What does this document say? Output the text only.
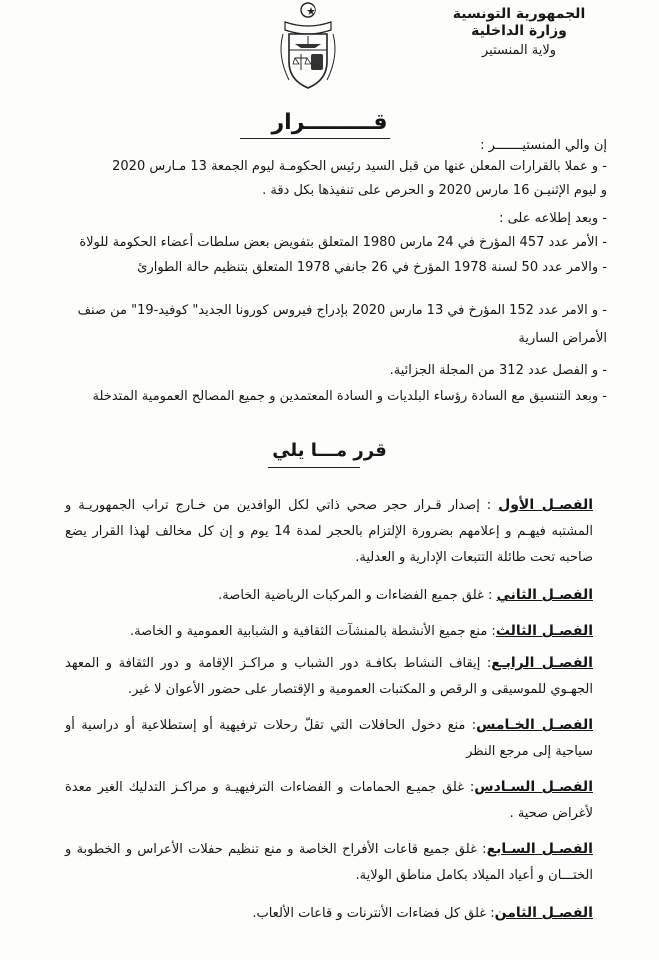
الجمهورية التونسية
وزارة الداخلية
ولاية المنستير
قـــــــــرار

إن والي المنستيـــــــر :

- و عملا بالقرارات المعلن عنها من قبل السيد رئيس الحكومـة ليوم الجمعة 13 مـارس 2020

و ليوم الإثنيـن 16 مارس 2020 و الحرص على تنفيذها بكل دقة .

- وبعد إطلاعه على :

- الأمر عدد 457 المؤرخ في 24 مارس 1980 المتعلق بتفويض بعض سلطات أعضاء الحكومة للولاة

- والامر عدد 50 لسنة 1978 المؤرخ في 26 جانفي 1978 المتعلق بتنظيم حالة الطوارئ

- و الامر عدد 152 المؤرخ في 13 مارس 2020 بإدراج فيروس كورونا الجديد" كوفيد-19" من صنف الأمراض السارية

- و الفصل عدد 312 من المجلة الجزائية.

- وبعد التنسيق مع السادة رؤساء البلديات و السادة المعتمدين و جميع المصالح العمومية المتدخلة

قرر مـــا يلي
الفصـل الأول : إصدار قـرار حجر صحي ذاتي لكل الوافدين من خـارج تراب الجمهوريـة و المشتبه فيهـم و إعلامهم بضرورة الإلتزام بالحجر لمدة 14 يوم و إن كل مخالف لهذا القرار يضع صاحبه تحت طائلة التتبعات الإدارية و العدلية.
الفصـل الثاني : غلق جميع الفضاءات و المركبات الرياضية الخاصة.
الفصـل الثالث: منع جميع الأنشطة بالمنشآت الثقافية و الشبابية العمومية و الخاصة.
الفصـل الرابـع: إيقاف النشاط بكافـة دور الشباب و مراكـز الإقامة و دور الثقافة و المعهد الجهـوي للموسيقى و الرقص و المكتبات العمومية و الإقتصار على حضور الأعوان لا غير.
الفصـل الخـامس: منع دخول الحافلات التي تقلّ رحلات ترفيهية أو إستطلاعية أو دراسية أو سياحية إلى مرجع النظر
الفصـل السـادس: غلق جميـع الحمامات و الفضاءات الترفيهيـة و مراكـز التدليك الغير معدة لأغراض صحية .
الفصـل السـابع: غلق جميع قاعات الأفراح الخاصة و منع تنظيم حفلات الأعراس و الخطوبة و الختـــان و أعياد الميلاد بكامل مناطق الولاية.
الفصـل الثامن: غلق كل فضاءات الأنترنات و قاعات الألعاب.
